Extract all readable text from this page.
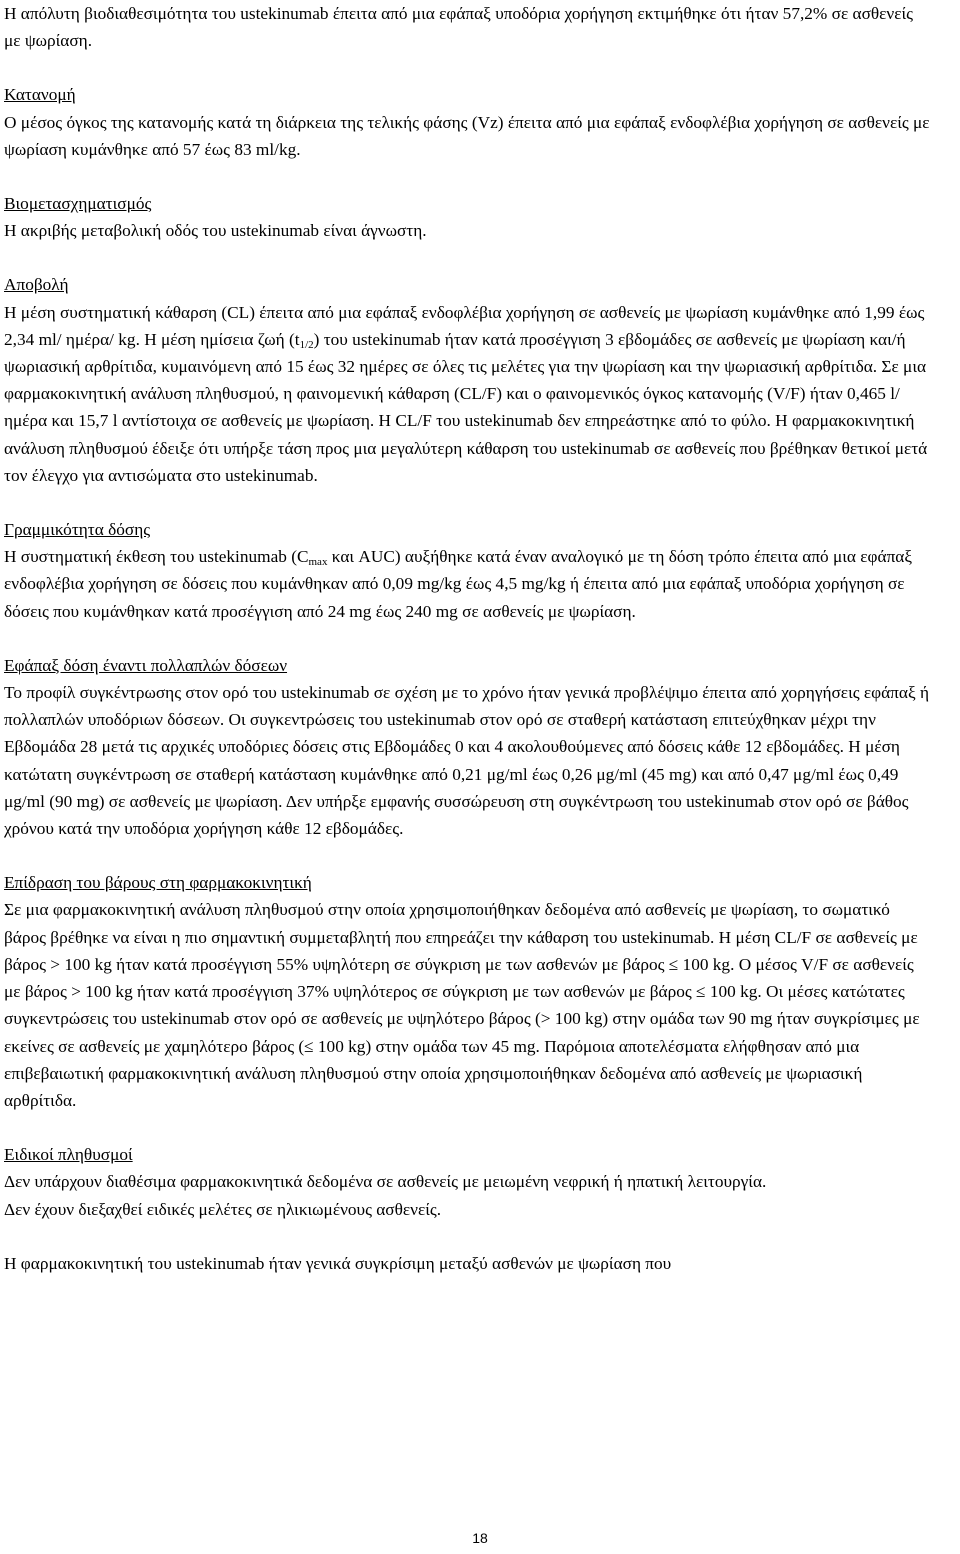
Η απόλυτη βιοδιαθεσιμότητα του ustekinumab έπειτα από μια εφάπαξ υποδόρια χορήγηση εκτιμήθηκε ότι ήταν 57,2% σε ασθενείς με ψωρίαση.

Κατανομή

Ο μέσος όγκος της κατανομής κατά τη διάρκεια της τελικής φάσης (Vz) έπειτα από μια εφάπαξ ενδοφλέβια χορήγηση σε ασθενείς με ψωρίαση κυμάνθηκε από 57 έως 83 ml/kg.

Βιομετασχηματισμός

Η ακριβής μεταβολική οδός του ustekinumab είναι άγνωστη.

Αποβολή

Η μέση συστηματική κάθαρση (CL) έπειτα από μια εφάπαξ ενδοφλέβια χορήγηση σε ασθενείς με ψωρίαση κυμάνθηκε από 1,99 έως 2,34 ml/ ημέρα/ kg. Η μέση ημίσεια ζωή $(t_{1/2})$ του ustekinumab ήταν κατά προσέγγιση 3 εβδομάδες σε ασθενείς με ψωρίαση και/ή ψωριασική αρθρίτιδα, κυμαινόμενη από 15 έως 32 ημέρες σε όλες τις μελέτες για την ψωρίαση και την ψωριασική αρθρίτιδα. Σε μια φαρμακοκινητική ανάλυση πληθυσμού, η φαινομενική κάθαρση (CL/F) και ο φαινομενικός όγκος κατανομής (V/F) ήταν 0,465 l/ημέρα και 15,7 l αντίστοιχα σε ασθενείς με ψωρίαση. Η CL/F του ustekinumab δεν επηρεάστηκε από το φύλο. Η φαρμακοκινητική ανάλυση πληθυσμού έδειξε ότι υπήρξε τάση προς μια μεγαλύτερη κάθαρση του ustekinumab σε ασθενείς που βρέθηκαν θετικοί μετά τον έλεγχο για αντισώματα στο ustekinumab.

Γραμμικότητα δόσης

Η συστηματική έκθεση του ustekinumab ($C_{max}$ και AUC) αυξήθηκε κατά έναν αναλογικό με τη δόση τρόπο έπειτα από μια εφάπαξ ενδοφλέβια χορήγηση σε δόσεις που κυμάνθηκαν από 0,09 mg/kg έως 4,5 mg/kg ή έπειτα από μια εφάπαξ υποδόρια χορήγηση σε δόσεις που κυμάνθηκαν κατά προσέγγιση από 24 mg έως 240 mg σε ασθενείς με ψωρίαση.

Εφάπαξ δόση έναντι πολλαπλών δόσεων

Το προφίλ συγκέντρωσης στον ορό του ustekinumab σε σχέση με το χρόνο ήταν γενικά προβλέψιμο έπειτα από χορηγήσεις εφάπαξ ή πολλαπλών υποδόριων δόσεων. Οι συγκεντρώσεις του ustekinumab στον ορό σε σταθερή κατάσταση επιτεύχθηκαν μέχρι την Εβδομάδα 28 μετά τις αρχικές υποδόριες δόσεις στις Εβδομάδες 0 και 4 ακολουθούμενες από δόσεις κάθε 12 εβδομάδες. Η μέση κατώτατη συγκέντρωση σε σταθερή κατάσταση κυμάνθηκε από 0,21 μg/ml έως 0,26 μg/ml (45 mg) και από 0,47 μg/ml έως 0,49 μg/ml (90 mg) σε ασθενείς με ψωρίαση. Δεν υπήρξε εμφανής συσσώρευση στη συγκέντρωση του ustekinumab στον ορό σε βάθος χρόνου κατά την υποδόρια χορήγηση κάθε 12 εβδομάδες.

Επίδραση του βάρους στη φαρμακοκινητική

Σε μια φαρμακοκινητική ανάλυση πληθυσμού στην οποία χρησιμοποιήθηκαν δεδομένα από ασθενείς με ψωρίαση, το σωματικό βάρος βρέθηκε να είναι η πιο σημαντική συμμεταβλητή που επηρεάζει την κάθαρση του ustekinumab. Η μέση CL/F σε ασθενείς με βάρος > 100 kg ήταν κατά προσέγγιση 55% υψηλότερη σε σύγκριση με των ασθενών με βάρος ≤ 100 kg. Ο μέσος V/F σε ασθενείς με βάρος > 100 kg ήταν κατά προσέγγιση 37% υψηλότερος σε σύγκριση με των ασθενών με βάρος ≤ 100 kg. Οι μέσες κατώτατες συγκεντρώσεις του ustekinumab στον ορό σε ασθενείς με υψηλότερο βάρος (> 100 kg) στην ομάδα των 90 mg ήταν συγκρίσιμες με εκείνες σε ασθενείς με χαμηλότερο βάρος (≤ 100 kg) στην ομάδα των 45 mg. Παρόμοια αποτελέσματα ελήφθησαν από μια επιβεβαιωτική φαρμακοκινητική ανάλυση πληθυσμού στην οποία χρησιμοποιήθηκαν δεδομένα από ασθενείς με ψωριασική αρθρίτιδα.

Ειδικοί πληθυσμοί

Δεν υπάρχουν διαθέσιμα φαρμακοκινητικά δεδομένα σε ασθενείς με μειωμένη νεφρική ή ηπατική λειτουργία.

Δεν έχουν διεξαχθεί ειδικές μελέτες σε ηλικιωμένους ασθενείς.

Η φαρμακοκινητική του ustekinumab ήταν γενικά συγκρίσιμη μεταξύ ασθενών με ψωρίαση που

18
